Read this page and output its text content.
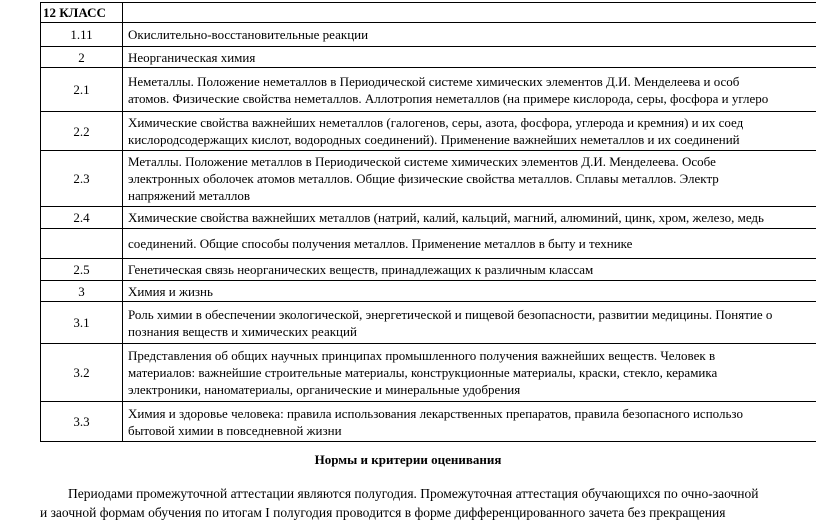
12 КЛАСС	
1.11	Окислительно-восстановительные реакции

2	Неорганическая химия

2.1	Неметаллы. Положение неметаллов в Периодической системе химических элементов Д.И. Менделеева и особ
атомов. Физические свойства неметаллов. Аллотропия неметаллов (на примере кислорода, серы, фосфора и углеро

2.2	Химические свойства важнейших неметаллов (галогенов, серы, азота, фосфора, углерода и кремния) и их соед
кислородсодержащих кислот, водородных соединений). Применение важнейших неметаллов и их соединений

2.3	Металлы. Положение металлов в Периодической системе химических элементов Д.И. Менделеева. Особе
электронных оболочек атомов металлов. Общие физические свойства металлов. Сплавы металлов. Электр
напряжений металлов

2.4	Химические свойства важнейших металлов (натрий, калий, кальций, магний, алюминий, цинк, хром, железо, медь

	соединений. Общие способы получения металлов. Применение металлов в быту и технике

2.5	Генетическая связь неорганических веществ, принадлежащих к различным классам

3	Химия и жизнь

3.1	Роль химии в обеспечении экологической, энергетической и пищевой безопасности, развитии медицины. Понятие о
познания веществ и химических реакций

3.2	Представления об общих научных принципах промышленного получения важнейших веществ. Человек в
материалов: важнейшие строительные материалы, конструкционные материалы, краски, стекло, керамика
электроники, наноматериалы, органические и минеральные удобрения

3.3	Химия и здоровье человека: правила использования лекарственных препаратов, правила безопасного использо
бытовой химии в повседневной жизни
Нормы и критерии оценивания
Периодами промежуточной аттестации являются полугодия. Промежуточная аттестация обучающихся по очно-заочной
и заочной формам обучения по итогам I полугодия проводится в форме дифференцированного зачета без прекращения
